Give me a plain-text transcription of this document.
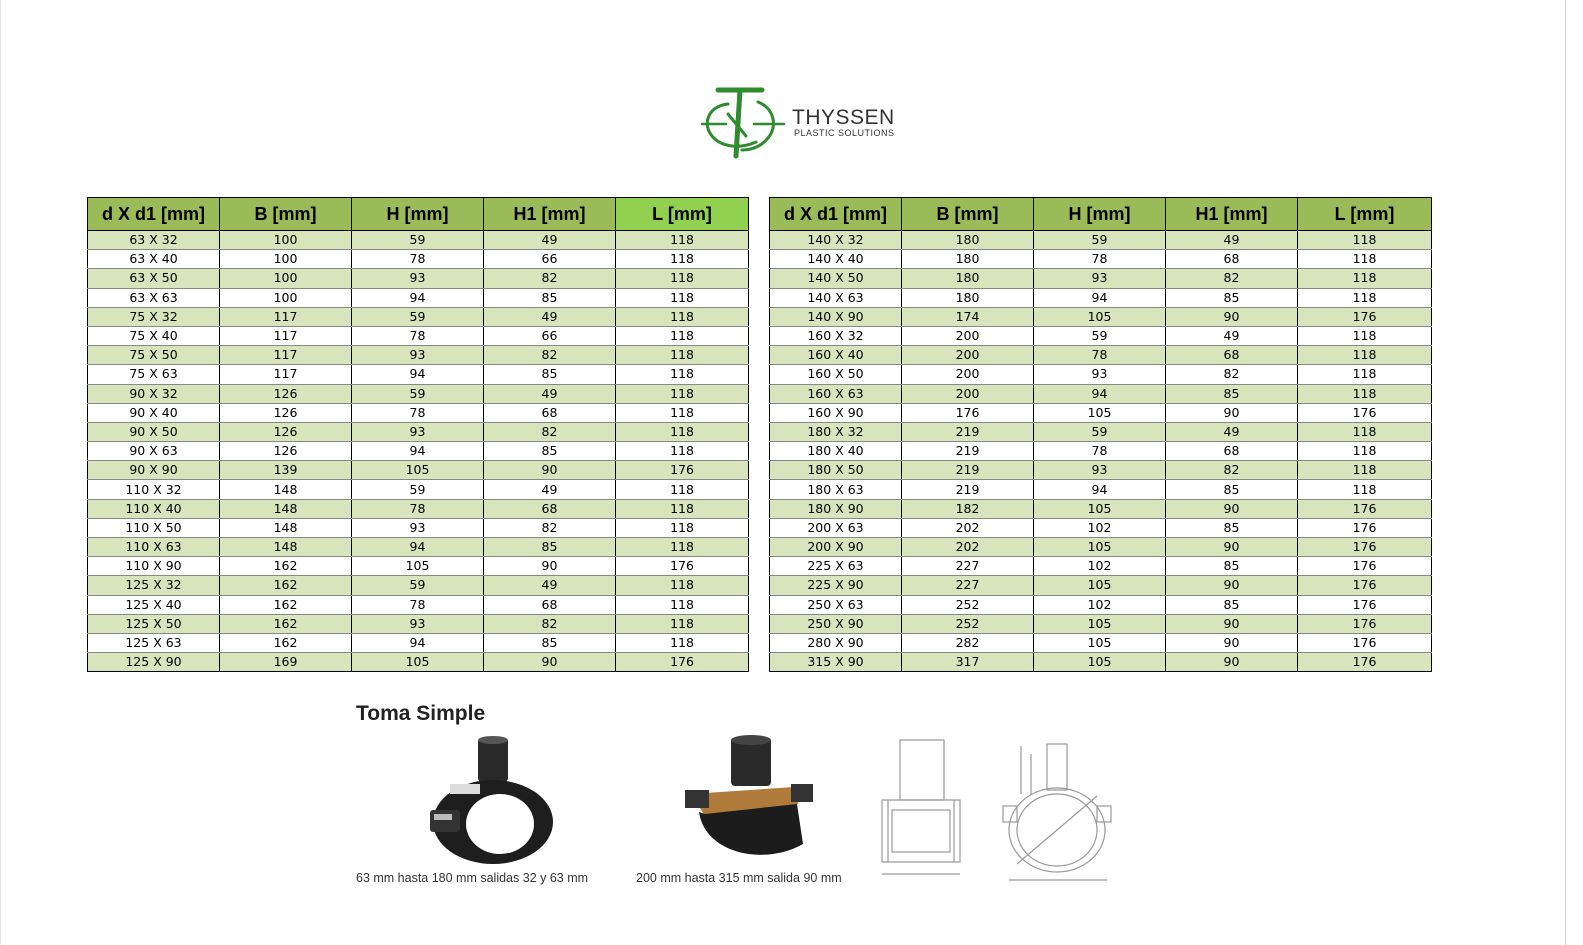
THYSSEN
PLASTIC SOLUTIONS
d X d1 [mm]	B [mm]	H [mm]	H1 [mm]	L [mm]
63 X 32	100	59	49	118
63 X 40	100	78	66	118
63 X 50	100	93	82	118
63 X 63	100	94	85	118
75 X 32	117	59	49	118
75 X 40	117	78	66	118
75 X 50	117	93	82	118
75 X 63	117	94	85	118
90 X 32	126	59	49	118
90 X 40	126	78	68	118
90 X 50	126	93	82	118
90 X 63	126	94	85	118
90 X 90	139	105	90	176
110 X 32	148	59	49	118
110 X 40	148	78	68	118
110 X 50	148	93	82	118
110 X 63	148	94	85	118
110 X 90	162	105	90	176
125 X 32	162	59	49	118
125 X 40	162	78	68	118
125 X 50	162	93	82	118
125 X 63	162	94	85	118
125 X 90	169	105	90	176
d X d1 [mm]	B [mm]	H [mm]	H1 [mm]	L [mm]
140 X 32	180	59	49	118
140 X 40	180	78	68	118
140 X 50	180	93	82	118
140 X 63	180	94	85	118
140 X 90	174	105	90	176
160 X 32	200	59	49	118
160 X 40	200	78	68	118
160 X 50	200	93	82	118
160 X 63	200	94	85	118
160 X 90	176	105	90	176
180 X 32	219	59	49	118
180 X 40	219	78	68	118
180 X 50	219	93	82	118
180 X 63	219	94	85	118
180 X 90	182	105	90	176
200 X 63	202	102	85	176
200 X 90	202	105	90	176
225 X 63	227	102	85	176
225 X 90	227	105	90	176
250 X 63	252	102	85	176
250 X 90	252	105	90	176
280 X 90	282	105	90	176
315 X 90	317	105	90	176
Toma Simple
63 mm hasta 180 mm salidas 32 y 63 mm	200 mm hasta 315 mm salida 90 mm
